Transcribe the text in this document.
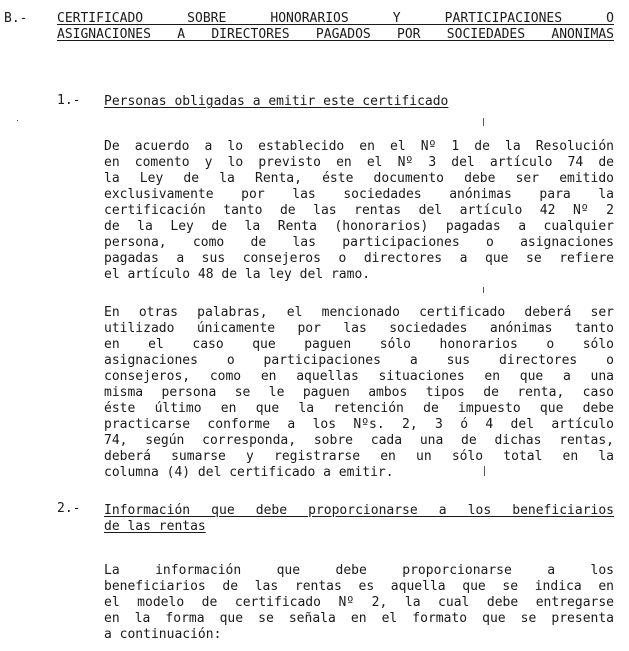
B.- CERTIFICADO SOBRE HONORARIOS Y PARTICIPACIONES O
ASIGNACIONES A DIRECTORES PAGADOS POR SOCIEDADES ANONIMAS
1.- Personas obligadas a emitir este certificado
De acuerdo a lo establecido en el Nº 1 de la Resolución
en comento y lo previsto en el Nº 3 del artículo 74 de
la Ley de la Renta, éste documento debe ser emitido
exclusivamente por las sociedades anónimas para la
certificación tanto de las rentas del artículo 42 Nº 2
de la Ley de la Renta (honorarios) pagadas a cualquier
persona, como de las participaciones o asignaciones
pagadas a sus consejeros o directores a que se refiere
el artículo 48 de la ley del ramo.
En otras palabras, el mencionado certificado deberá ser
utilizado únicamente por las sociedades anónimas tanto
en el caso que paguen sólo honorarios o sólo
asignaciones o participaciones a sus directores o
consejeros, como en aquellas situaciones en que a una
misma persona se le paguen ambos tipos de renta, caso
éste último en que la retención de impuesto que debe
practicarse conforme a los Nºs. 2, 3 ó 4 del artículo
74, según corresponda, sobre cada una de dichas rentas,
deberá sumarse y registrarse en un sólo total en la
columna (4) del certificado a emitir.
2.- Información que debe proporcionarse a los beneficiarios
de las rentas
La información que debe proporcionarse a los
beneficiarios de las rentas es aquella que se indica en
el modelo de certificado Nº 2, la cual debe entregarse
en la forma que se señala en el formato que se presenta
a continuación:
